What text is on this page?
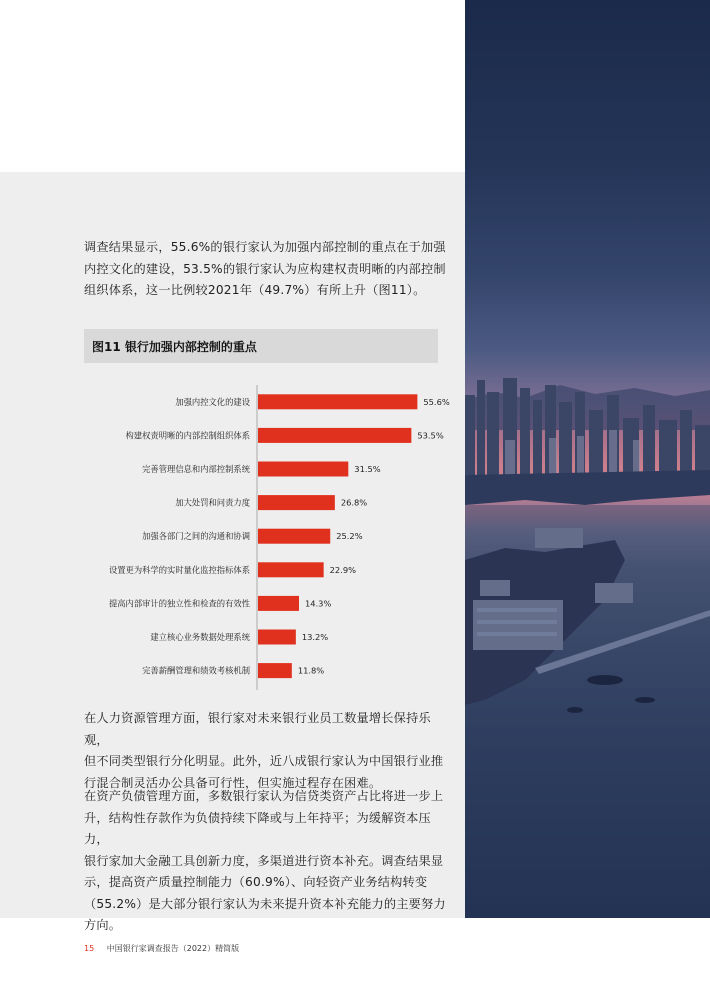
调查结果显示，55.6%的银行家认为加强内部控制的重点在于加强
内控文化的建设，53.5%的银行家认为应构建权责明晰的内部控制
组织体系，这一比例较2021年（49.7%）有所上升（图11）。
图11 银行加强内部控制的重点
加强内控文化的建设	55.6%
构建权责明晰的内部控制组织体系	53.5%
完善管理信息和内部控制系统	31.5%
加大处罚和问责力度	26.8%
加强各部门之间的沟通和协调	25.2%
设置更为科学的实时量化监控指标体系	22.9%
提高内部审计的独立性和检查的有效性	14.3%
建立核心业务数据处理系统	13.2%
完善薪酬管理和绩效考核机制	11.8%
在人力资源管理方面，银行家对未来银行业员工数量增长保持乐观，
但不同类型银行分化明显。此外，近八成银行家认为中国银行业推
行混合制灵活办公具备可行性，但实施过程存在困难。
在资产负债管理方面，多数银行家认为信贷类资产占比将进一步上
升，结构性存款作为负债持续下降或与上年持平；为缓解资本压力，
银行家加大金融工具创新力度，多渠道进行资本补充。调查结果显
示，提高资产质量控制能力（60.9%）、向轻资产业务结构转变
（55.2%）是大部分银行家认为未来提升资本补充能力的主要努力
方向。
15 中国银行家调查报告（2022）精简版
